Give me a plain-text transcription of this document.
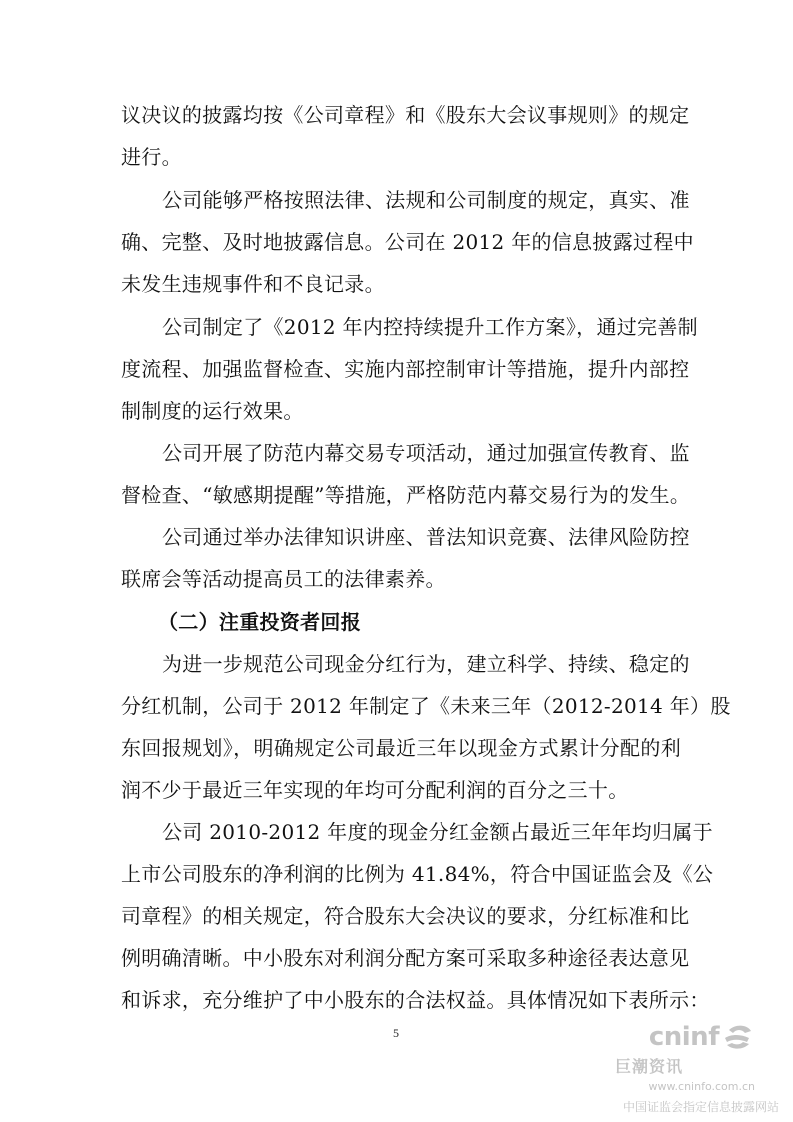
议决议的披露均按《公司章程》和《股东大会议事规则》的规定
进行。
公司能够严格按照法律、法规和公司制度的规定，真实、准
确、完整、及时地披露信息。公司在 2012 年的信息披露过程中
未发生违规事件和不良记录。
公司制定了《2012 年内控持续提升工作方案》，通过完善制
度流程、加强监督检查、实施内部控制审计等措施，提升内部控
制制度的运行效果。
公司开展了防范内幕交易专项活动，通过加强宣传教育、监
督检查、“敏感期提醒”等措施，严格防范内幕交易行为的发生。
公司通过举办法律知识讲座、普法知识竞赛、法律风险防控
联席会等活动提高员工的法律素养。
（二）注重投资者回报
为进一步规范公司现金分红行为，建立科学、持续、稳定的
分红机制，公司于 2012 年制定了《未来三年（2012-2014 年）股
东回报规划》，明确规定公司最近三年以现金方式累计分配的利
润不少于最近三年实现的年均可分配利润的百分之三十。
公司 2010-2012 年度的现金分红金额占最近三年年均归属于
上市公司股东的净利润的比例为 41.84%，符合中国证监会及《公
司章程》的相关规定，符合股东大会决议的要求，分红标准和比
例明确清晰。中小股东对利润分配方案可采取多种途径表达意见
和诉求，充分维护了中小股东的合法权益。具体情况如下表所示：
5	cninf
巨潮资讯
www.cninfo.com.cn
中国证监会指定信息披露网站
